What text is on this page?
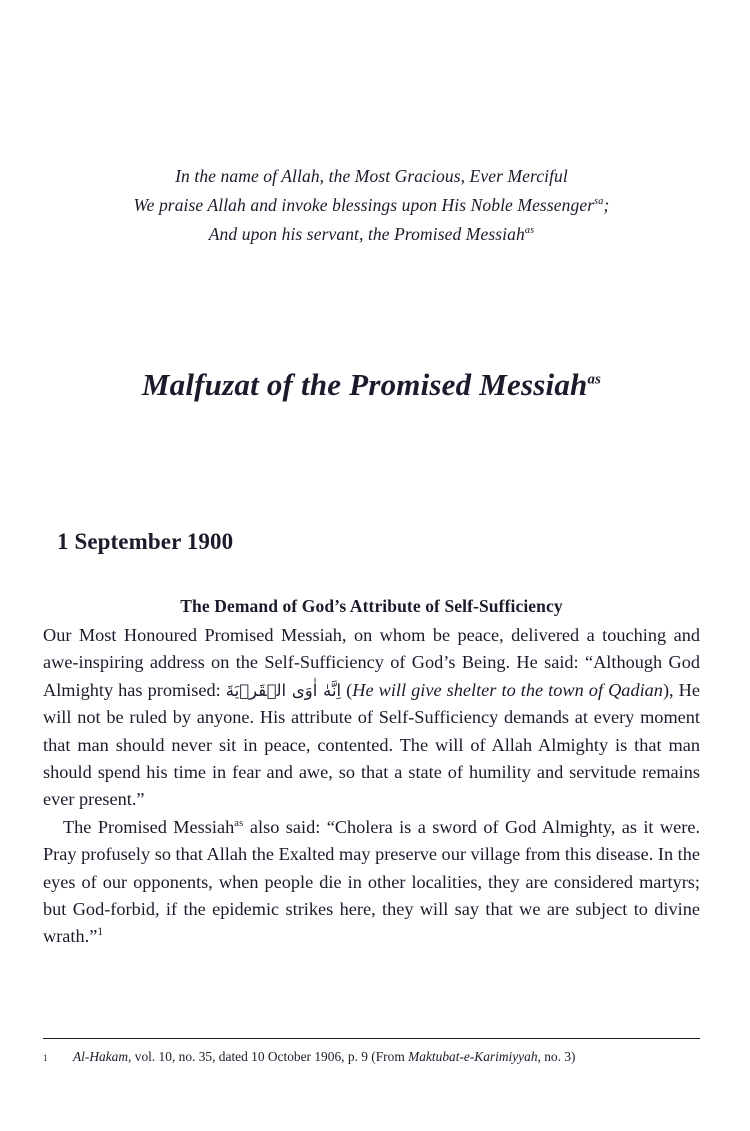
In the name of Allah, the Most Gracious, Ever Merciful
We praise Allah and invoke blessings upon His Noble Messenger$^{sa}$;
And upon his servant, the Promised Messiah$^{as}$
Malfuzat of the Promised Messiah$^{as}$
1 September 1900
The Demand of God’s Attribute of Self-Sufficiency

Our Most Honoured Promised Messiah, on whom be peace, delivered a touching and awe-inspiring address on the Self-Sufficiency of God’s Being. He said: “Although God Almighty has promised: اِنَّهٰ اٰوَى الۡقَرۡيَةَ (He will give shelter to the town of Qadian), He will not be ruled by anyone. His attribute of Self-Sufficiency demands at every moment that man should never sit in peace, contented. The will of Allah Almighty is that man should spend his time in fear and awe, so that a state of humility and servitude remains ever present.”

The Promised Messiah$^{as}$ also said: “Cholera is a sword of God Almighty, as it were. Pray profusely so that Allah the Exalted may preserve our village from this disease. In the eyes of our opponents, when people die in other localities, they are considered martyrs; but God-forbid, if the epidemic strikes here, they will say that we are subject to divine wrath.”$^1$

1	Al-Hakam, vol. 10, no. 35, dated 10 October 1906, p. 9 (From Maktubat-e-Karimiyyah, no. 3)
